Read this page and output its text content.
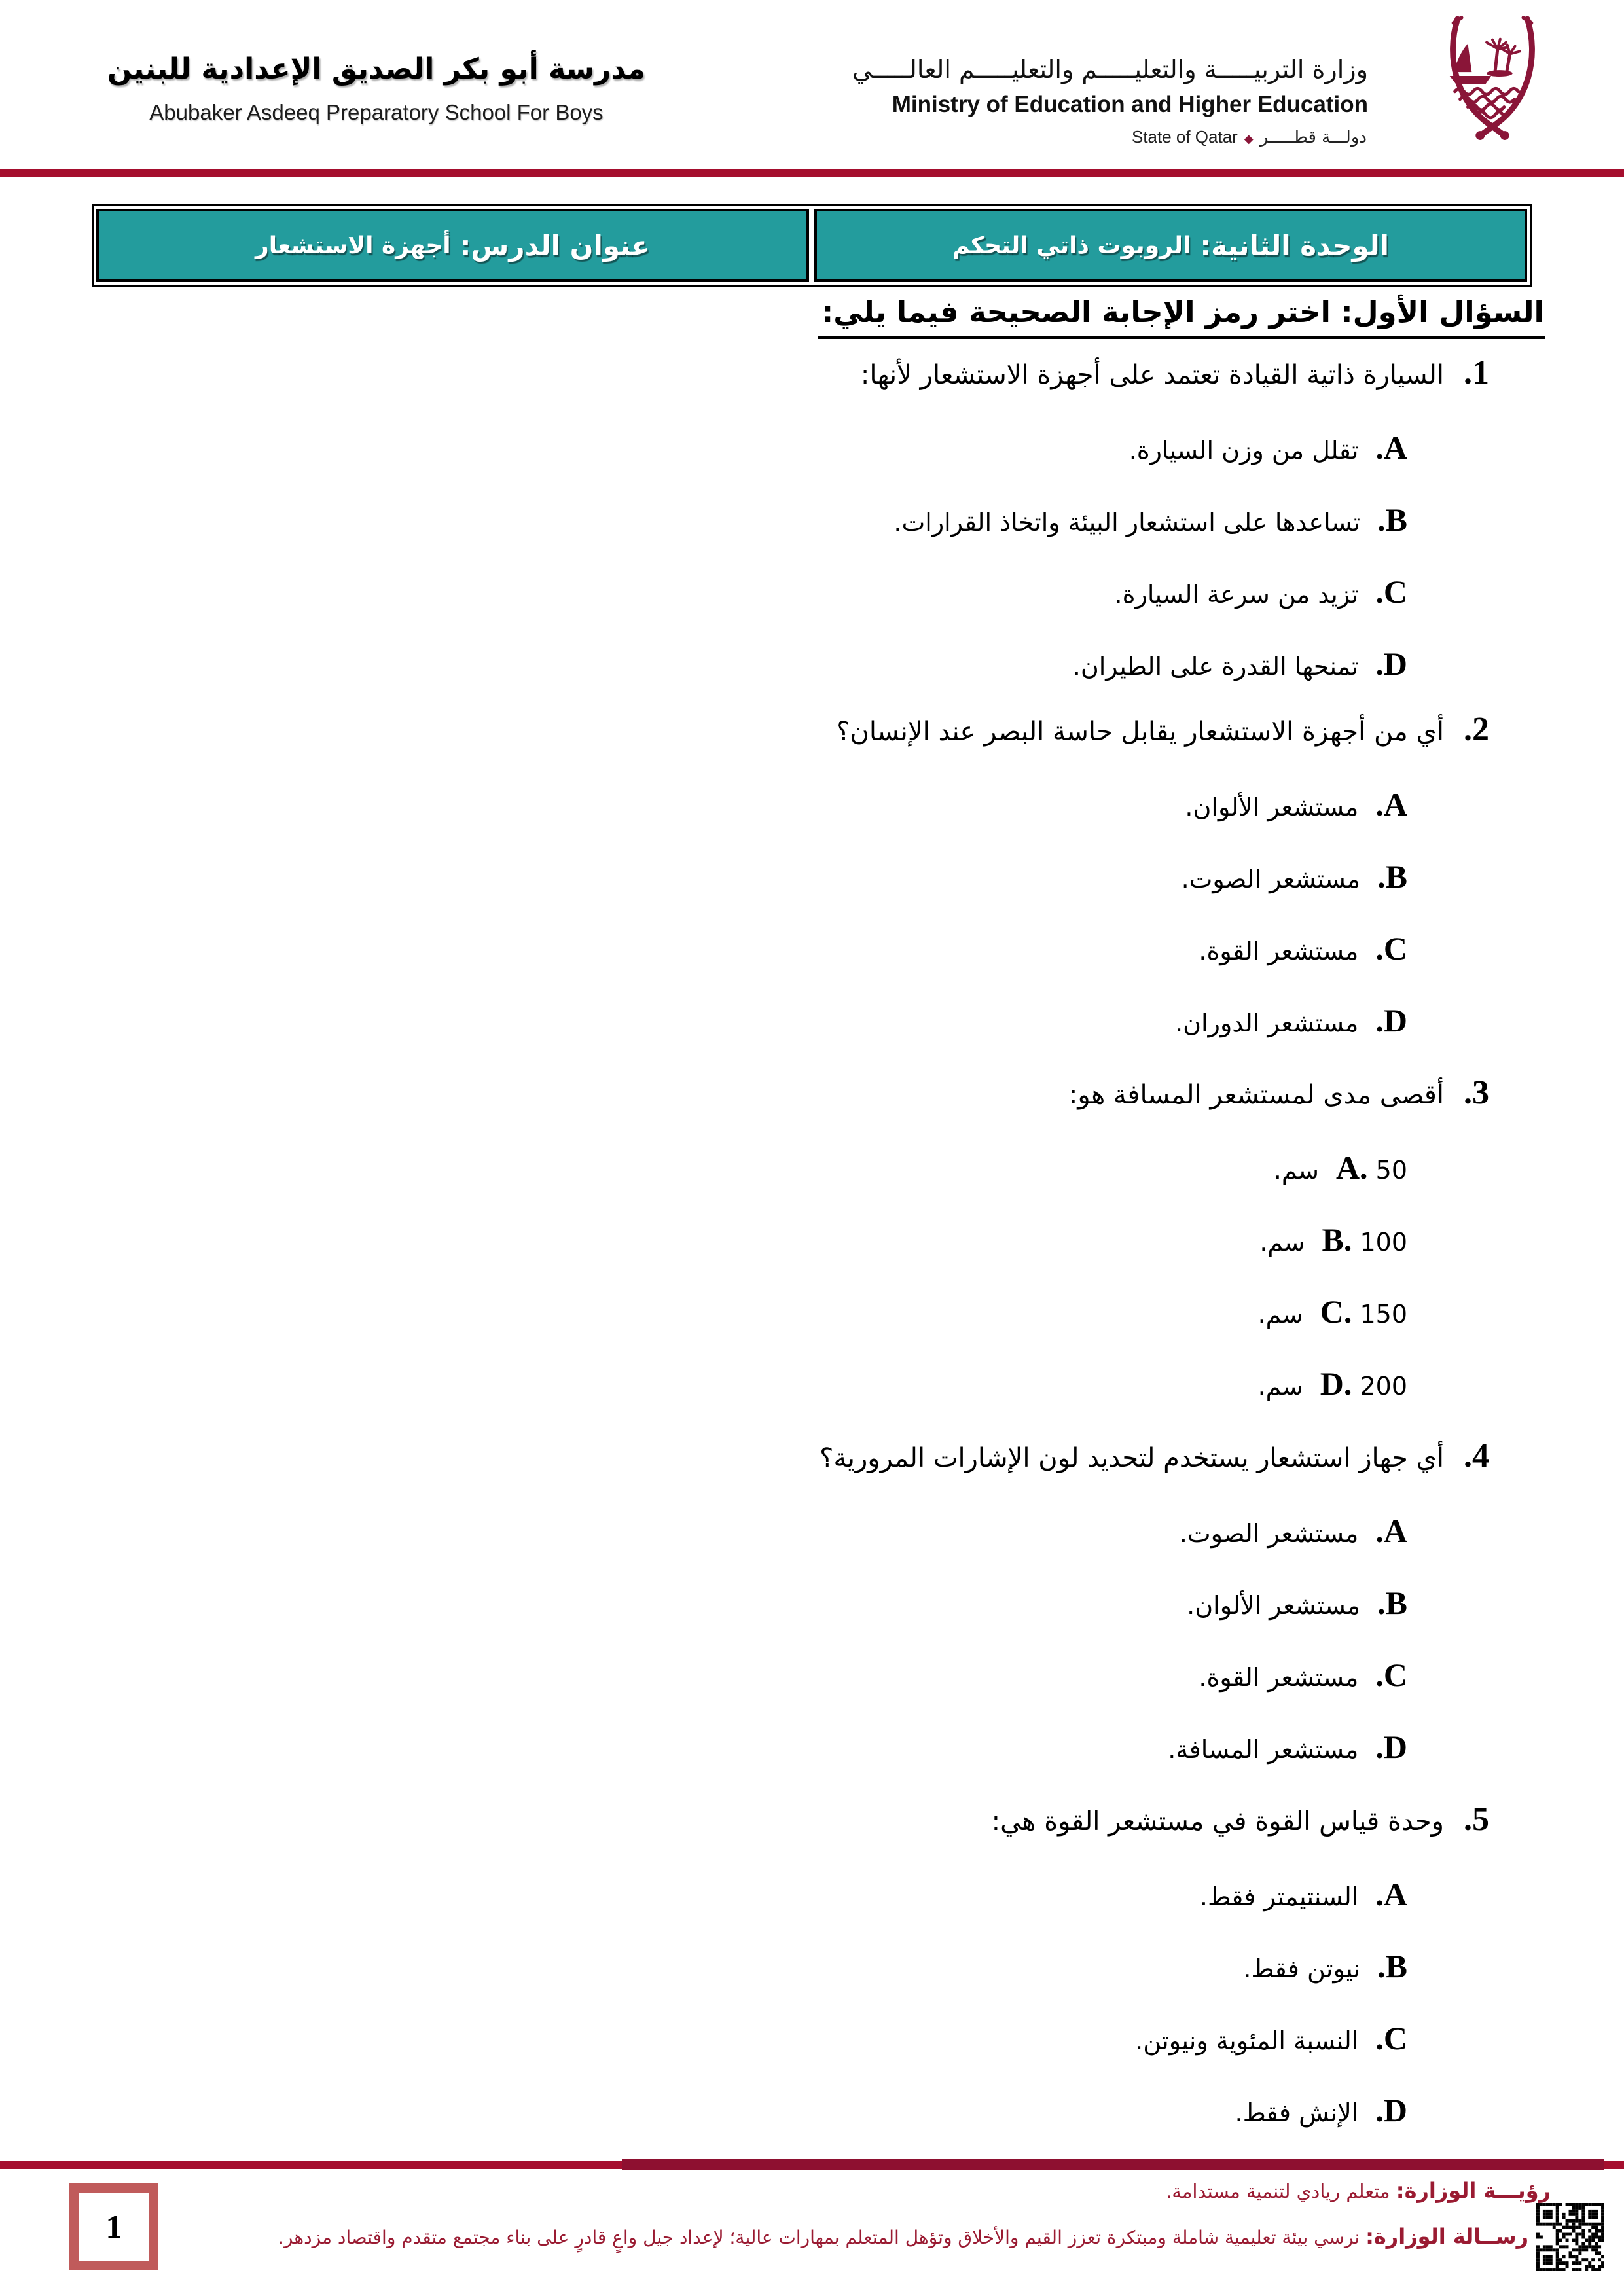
مدرسة أبو بكر الصديق الإعدادية للبنين
Abubaker Asdeeq Preparatory School For Boys
وزارة التربيـــــة والتعليـــــم والتعليـــــم العالـــــي
Ministry of Education and Higher Education
دولـــة قطـــــر◆State of Qatar
الوحدة الثانية:
الروبوت ذاتي التحكم
عنوان الدرس:
أجهزة الاستشعار
السؤال الأول: اختر رمز الإجابة الصحيحة فيما يلي:
1.السيارة ذاتية القيادة تعتمد على أجهزة الاستشعار لأنها:
A.تقلل من وزن السيارة.
B.تساعدها على استشعار البيئة واتخاذ القرارات.
C.تزيد من سرعة السيارة.
D.تمنحها القدرة على الطيران.
2.أي من أجهزة الاستشعار يقابل حاسة البصر عند الإنسان؟
A.مستشعر الألوان.
B.مستشعر الصوت.
C.مستشعر القوة.
D.مستشعر الدوران.
3.أقصى مدى لمستشعر المسافة هو:
A. 50سم.
B. 100سم.
C. 150سم.
D. 200سم.
4.أي جهاز استشعار يستخدم لتحديد لون الإشارات المرورية؟
A.مستشعر الصوت.
B.مستشعر الألوان.
C.مستشعر القوة.
D.مستشعر المسافة.
5.وحدة قياس القوة في مستشعر القوة هي:
A.السنتيمتر فقط.
B.نيوتن فقط.
C.النسبة المئوية ونيوتن.
D.الإنش فقط.
1
رؤيـــة الوزارة: متعلم ريادي لتنمية مستدامة.
رســالة الوزارة: نرسي بيئة تعليمية شاملة ومبتكرة تعزز القيم والأخلاق وتؤهل المتعلم بمهارات عالية؛ لإعداد جيل واعٍ قادرٍ على بناء مجتمع متقدم واقتصاد مزدهر.
